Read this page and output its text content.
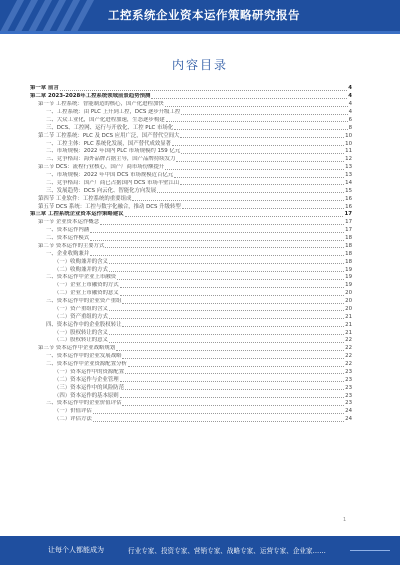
工控系统企业资本运作策略研究报告
内容目录
第一章 前言	4
第二章 2023-2028年工控系统领域前景趋势预测	4
第一节 工控系统：智能制造的核心，国产化进程加快	4
一、工控系统：由 PLC 上升到工控，DCS 逐步升级工控	4
二、大众工业化，国产化进程加速，生态逐步构建	6
三、DCS、工控网、运行与开放化、工控 PLC 市场化	8
第二节 工控系统：PLC 及 DCS 应用广泛，国产替代空间大	10
一、工控主体：PLC 系统化发展，国产替代成效显著	10
二、市场规模：2022 年国内 PLC 市场规模约 159 亿元	11
三、竞争格局：海外品牌占据主导，国产品牌持续发力	12
第三节 DCS：流程行业核心，国产厂商市场份额提升	13
一、市场规模：2022 年中国 DCS 市场规模近百亿元	13
二、竞争格局：国产厂商已占据国内 DCS 市场半壁江山	14
三、发展趋势：DCS 向云化、智能化方向发展	15
第四节 工业软件：工控系统的重要组成	16
第五节 DCS 系统：工控与数字化融合，推动 DCS 升级转型	16
第三章 工控系统企业资本运作策略建议	17
第一节 企业资本运作概念	17
一、资本运作内涵	17
二、资本运作模式	18
第二节 资本运作的主要方式	18
一、企业收购兼并	18
（一）收购兼并的含义	18
（二）收购兼并的方式	19
二、资本运作中企业上市融资	19
（一）企业上市融资的方式	19
（二）企业上市融资的意义	20
三、资本运作中的企业资产重组	20
（一）资产重组的含义	20
（二）资产重组的方式	21
四、资本运作中的企业股权转让	21
（一）股权转让的含义	21
（二）股权转让的意义	22
第三节 资本运作中企业战略规划	22
一、资本运作中的企业发展战略	22
二、资本运作中企业资源配置分析	22
（一）资本运作中的资源配置	23
（二）资本运作与企业管理	23
（三）资本运作中的风险防范	23
（四）资本运作的基本原则	23
三、资本运作中的企业价值评估	23
（一）价值评估	24
（二）评估方法	24
1
让每个人都能成为	行业专家、投资专家、营销专家、战略专家、运营专家、企业家……
